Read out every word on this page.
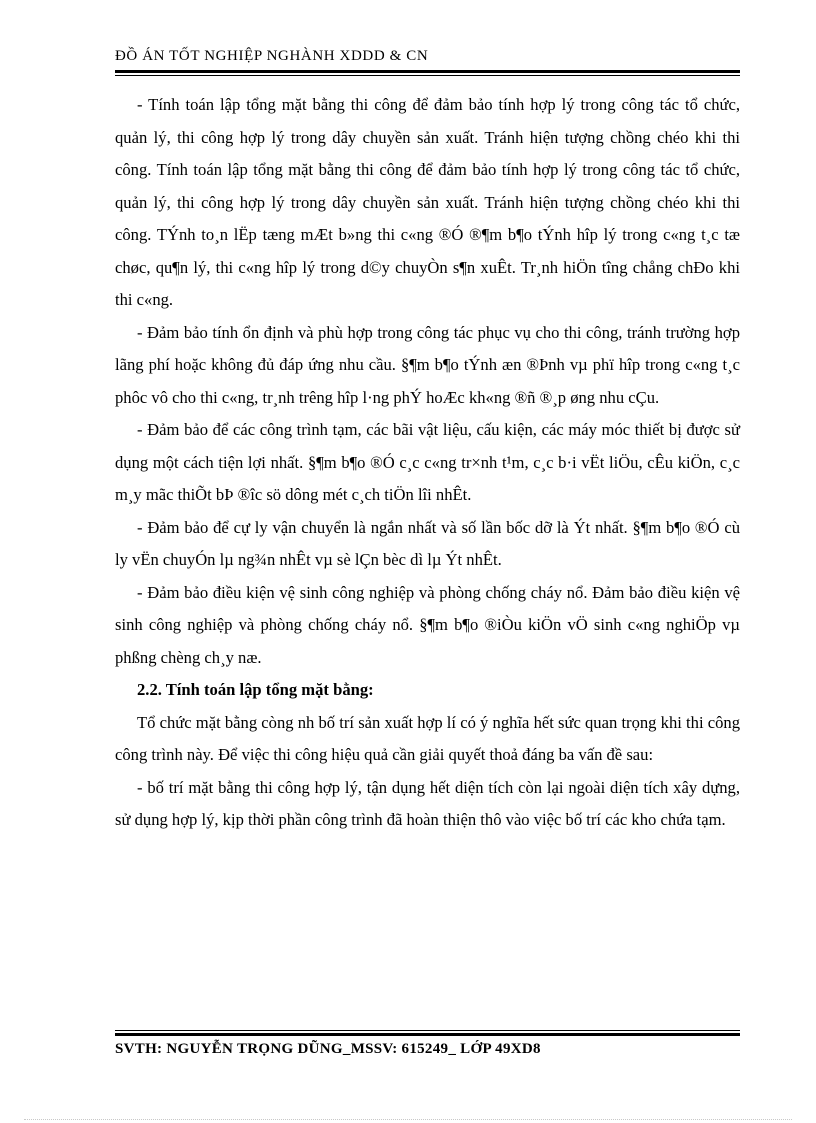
ĐỒ ÁN TỐT NGHIỆP NGHÀNH XDDD & CN

- Tính toán lập tổng mặt bằng thi công để đảm bảo tính hợp lý trong công tác tổ chức, quản lý, thi công hợp lý trong dây chuyền sản xuất. Tránh hiện tượng chồng chéo khi thi công. Tính toán lập tổng mặt bằng thi công để đảm bảo tính hợp lý trong công tác tổ chức, quản lý, thi công hợp lý trong dây chuyền sản xuất. Tránh hiện tượng chồng chéo khi thi công. TÝnh to¸n lËp tæng mÆt b»ng thi c«ng ®Ó ®¶m b¶o tÝnh hîp lý trong c«ng t¸c tæ chøc, qu¶n lý, thi c«ng hîp lý trong d©y chuyÒn s¶n xuÊt. Tr¸nh hiÖn tîng chång chÐo khi thi c«ng.

- Đảm bảo tính ổn định và phù hợp trong công tác phục vụ cho thi công, tránh trường hợp lãng phí hoặc không đủ đáp ứng nhu cầu. §¶m b¶o tÝnh æn ®Þnh vµ phï hîp trong c«ng t¸c phôc vô cho thi c«ng, tr¸nh trêng hîp l·ng phÝ hoÆc kh«ng ®ñ ®¸p øng nhu cÇu.

- Đảm bảo để các công trình tạm, các bãi vật liệu, cấu kiện, các máy móc thiết bị được sử dụng một cách tiện lợi nhất. §¶m b¶o ®Ó c¸c c«ng tr×nh t¹m, c¸c b·i vËt liÖu, cÊu kiÖn, c¸c m¸y mãc thiÕt bÞ ®îc sö dông mét c¸ch tiÖn lîi nhÊt.

- Đảm bảo để cự ly vận chuyển là ngắn nhất và số lần bốc dỡ là Ýt nhất. §¶m b¶o ®Ó cù ly vËn chuyÓn lµ ng¾n nhÊt vµ sè lÇn bèc dì lµ Ýt nhÊt.

- Đảm bảo điều kiện vệ sinh công nghiệp và phòng chống cháy nổ. Đảm bảo điều kiện vệ sinh công nghiệp và phòng chống cháy nổ. §¶m b¶o ®iÒu kiÖn vÖ sinh c«ng nghiÖp vµ phßng chèng ch¸y næ.

2.2. Tính toán lập tổng mặt bằng:

Tổ chức mặt bằng còng nh bố trí sản xuất hợp lí có ý nghĩa hết sức quan trọng khi thi công công trình này. Để việc thi công hiệu quả cần giải quyết thoả đáng ba vấn đề sau:

- bố trí mặt bằng thi công hợp lý, tận dụng hết diện tích còn lại ngoài diện tích xây dựng, sử dụng hợp lý, kịp thời phần công trình đã hoàn thiện thô vào việc bố trí các kho chứa tạm.

SVTH: NGUYỄN TRỌNG DŨNG_MSSV: 615249_ LỚP 49XD8
